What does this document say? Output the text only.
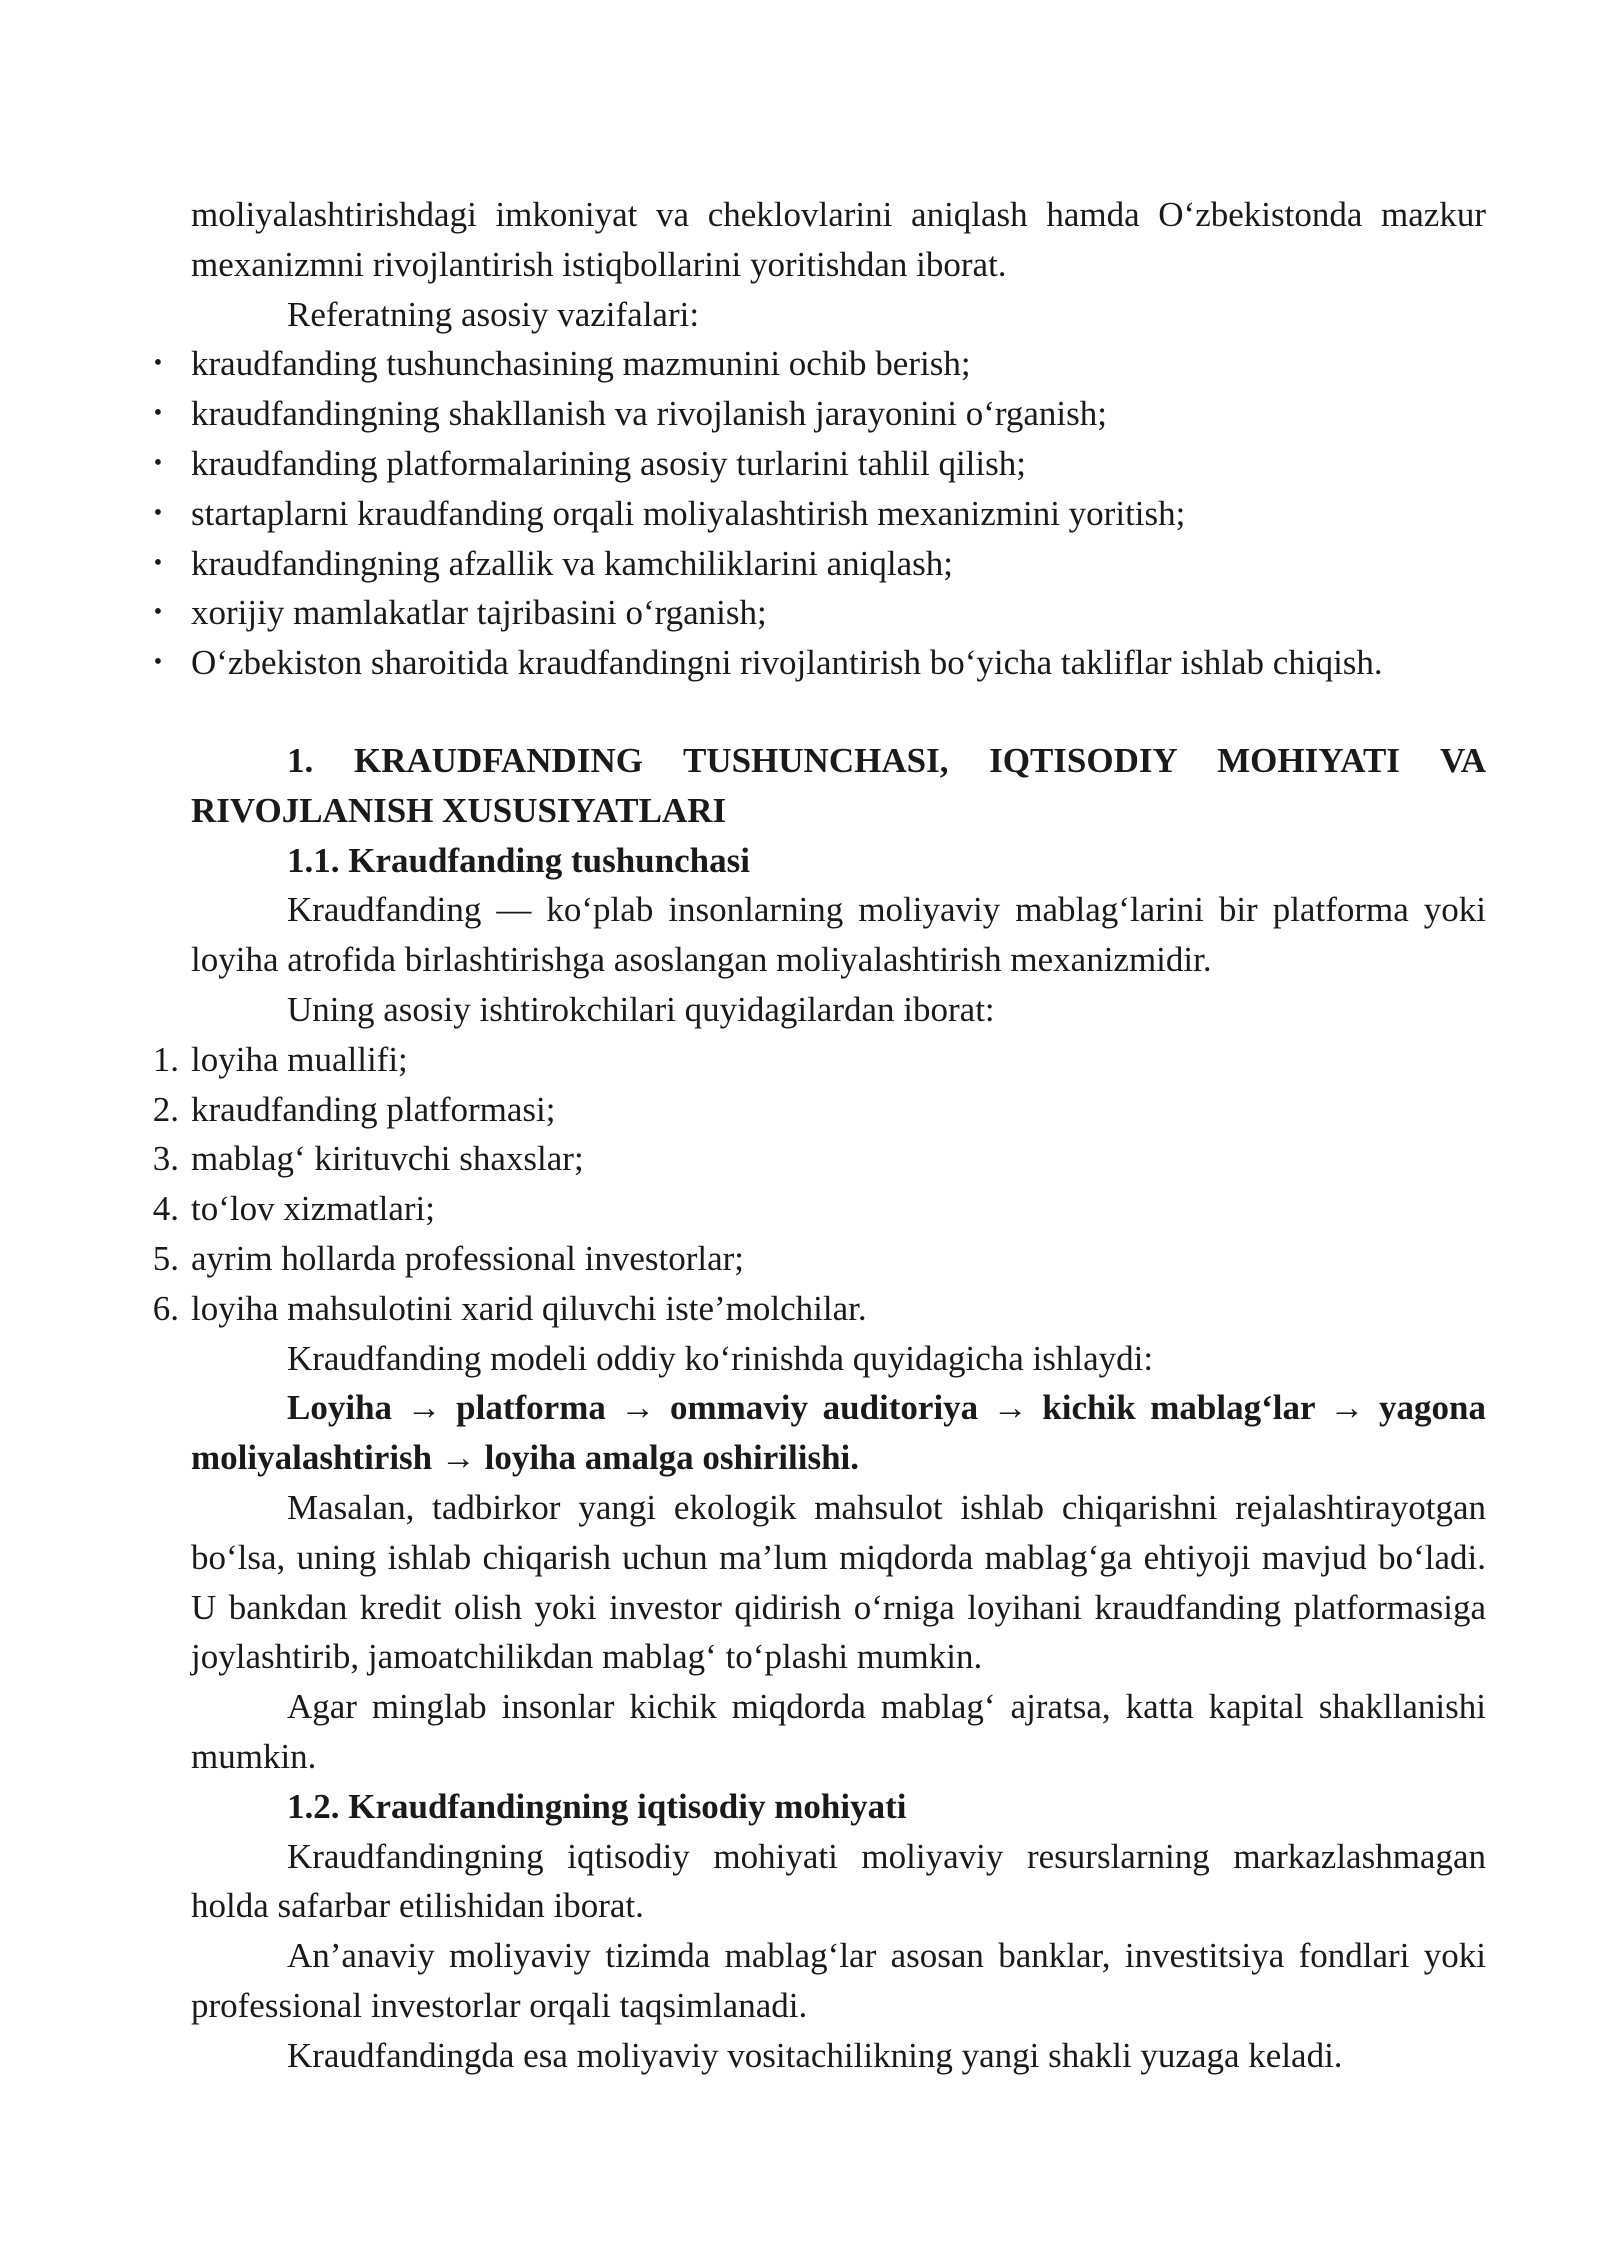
moliyalashtirishdagi imkoniyat va cheklovlarini aniqlash hamda O‘zbekistonda mazkur mexanizmni rivojlantirish istiqbollarini yoritishdan iborat.

Referatning asosiy vazifalari:

• kraudfanding tushunchasining mazmunini ochib berish;
• kraudfandingning shakllanish va rivojlanish jarayonini o‘rganish;
• kraudfanding platformalarining asosiy turlarini tahlil qilish;
• startaplarni kraudfanding orqali moliyalashtirish mexanizmini yoritish;
• kraudfandingning afzallik va kamchiliklarini aniqlash;
• xorijiy mamlakatlar tajribasini o‘rganish;
• O‘zbekiston sharoitida kraudfandingni rivojlantirish bo‘yicha takliflar ishlab chiqish.

1. KRAUDFANDING TUSHUNCHASI, IQTISODIY MOHIYATI VA RIVOJLANISH XUSUSIYATLARI

1.1. Kraudfanding tushunchasi

Kraudfanding — ko‘plab insonlarning moliyaviy mablag‘larini bir platforma yoki loyiha atrofida birlashtirishga asoslangan moliyalashtirish mexanizmidir.

Uning asosiy ishtirokchilari quyidagilardan iborat:

1. loyiha muallifi;
2. kraudfanding platformasi;
3. mablag‘ kirituvchi shaxslar;
4. to‘lov xizmatlari;
5. ayrim hollarda professional investorlar;
6. loyiha mahsulotini xarid qiluvchi iste’molchilar.

Kraudfanding modeli oddiy ko‘rinishda quyidagicha ishlaydi:

Loyiha → platforma → ommaviy auditoriya → kichik mablag‘lar → yagona moliyalashtirish → loyiha amalga oshirilishi.

Masalan, tadbirkor yangi ekologik mahsulot ishlab chiqarishni rejalashtirayotgan bo‘lsa, uning ishlab chiqarish uchun ma’lum miqdorda mablag‘ga ehtiyoji mavjud bo‘ladi. U bankdan kredit olish yoki investor qidirish o‘rniga loyihani kraudfanding platformasiga joylashtirib, jamoatchilikdan mablag‘ to‘plashi mumkin.

Agar minglab insonlar kichik miqdorda mablag‘ ajratsa, katta kapital shakllanishi mumkin.

1.2. Kraudfandingning iqtisodiy mohiyati

Kraudfandingning iqtisodiy mohiyati moliyaviy resurslarning markazlashmagan holda safarbar etilishidan iborat.

An’anaviy moliyaviy tizimda mablag‘lar asosan banklar, investitsiya fondlari yoki professional investorlar orqali taqsimlanadi.

Kraudfandingda esa moliyaviy vositachilikning yangi shakli yuzaga keladi.
